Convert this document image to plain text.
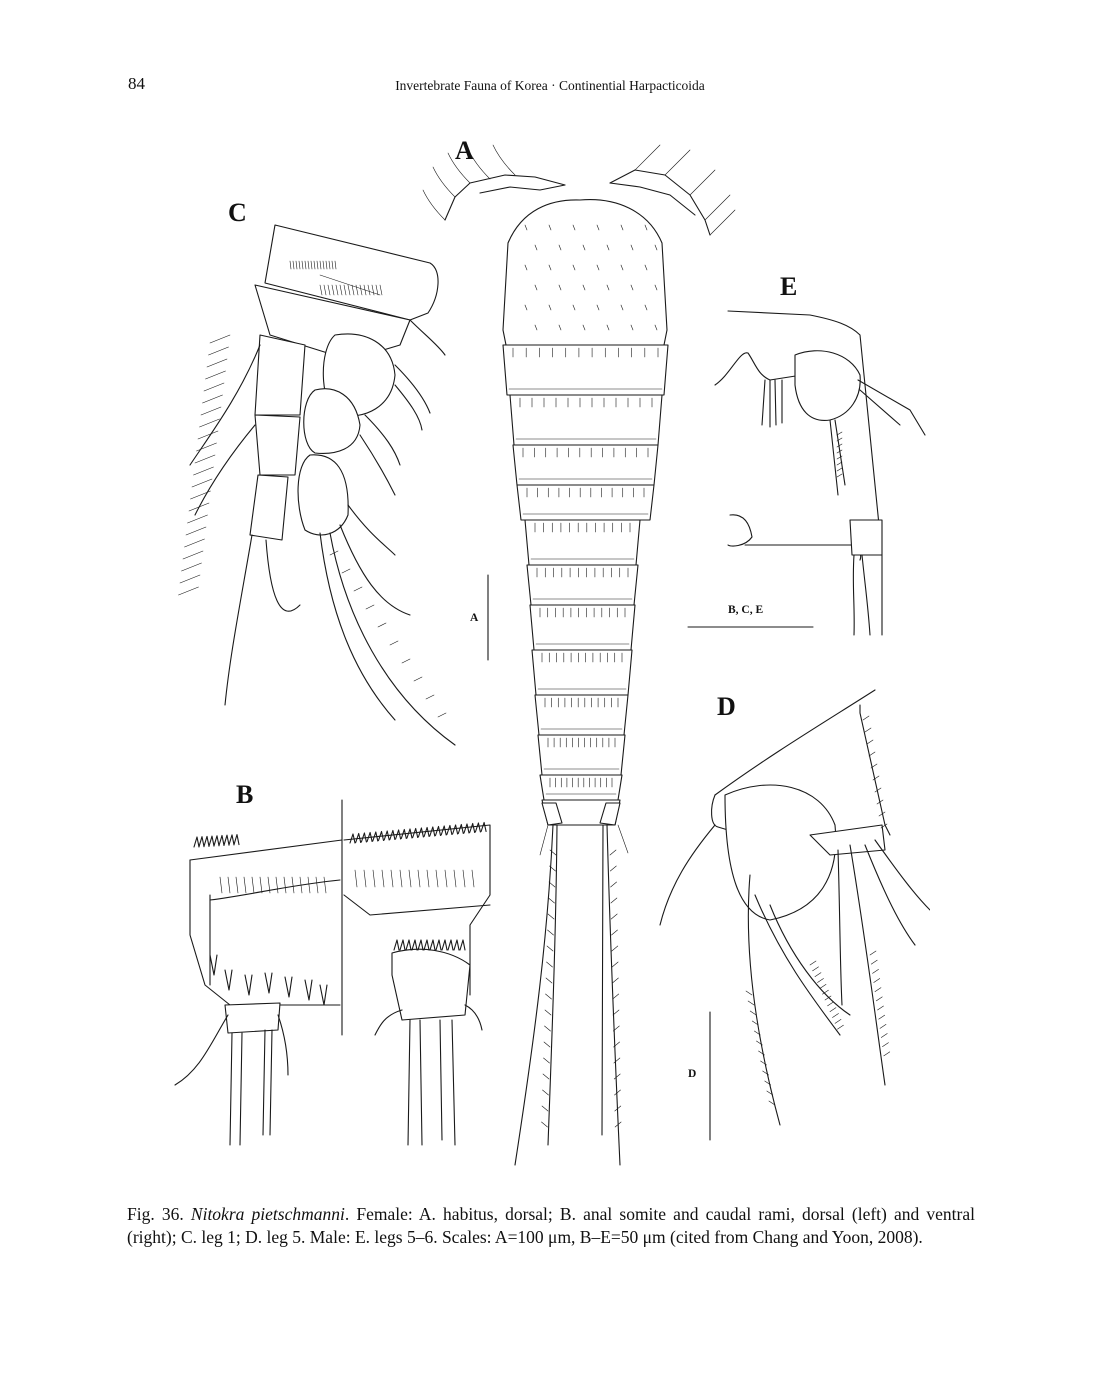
84	Invertebrate Fauna of Korea · Continential Harpacticoida
A
A
C
E
B, C, E
B
D
D
Fig. 36. Nitokra pietschmanni. Female: A. habitus, dorsal; B. anal somite and caudal rami, dorsal (left) and ventral (right); C. leg 1; D. leg 5. Male: E. legs 5–6. Scales: A=100 μm, B–E=50 μm (cited from Chang and Yoon, 2008).
